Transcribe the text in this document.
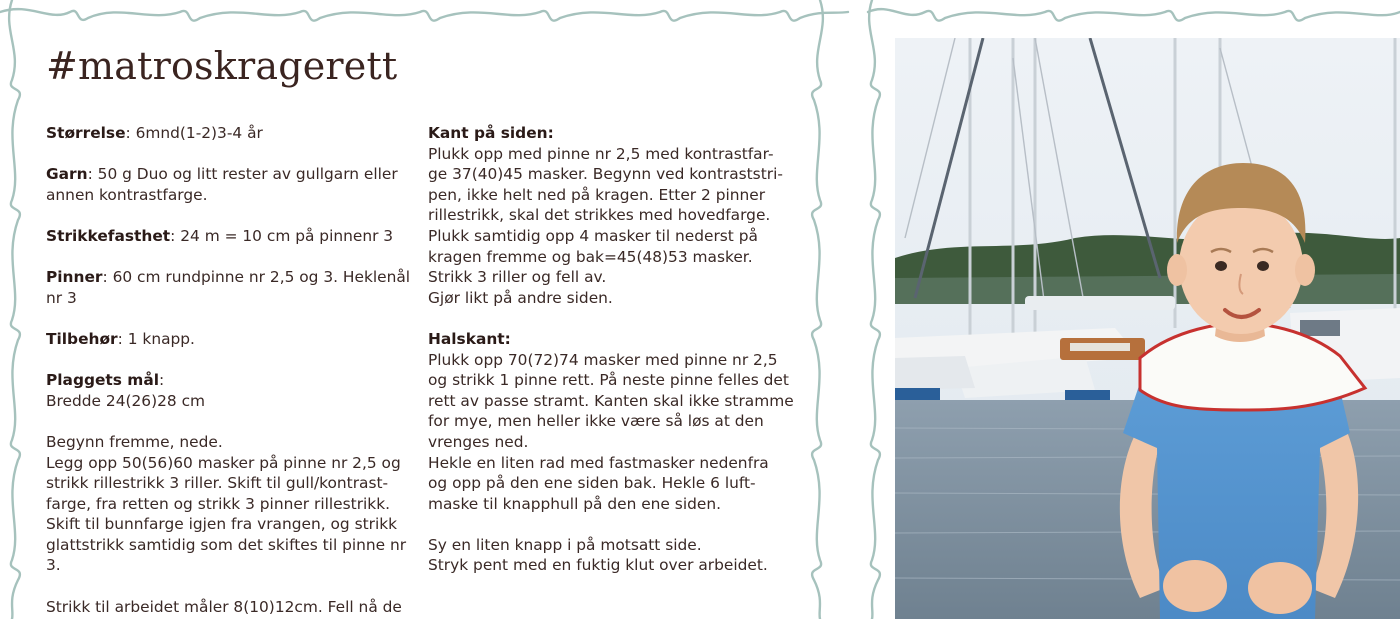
#matroskragerett
Størrelse: 6mnd(1-2)3-4 år
Garn: 50 g Duo og litt rester av gullgarn eller
annen kontrastfarge.
Strikkefasthet: 24 m = 10 cm på pinnenr 3
Pinner: 60 cm rundpinne nr 2,5 og 3. Heklenål
nr 3
Tilbehør: 1 knapp.
Plaggets mål:
Bredde 24(26)28 cm
Begynn fremme, nede.
Legg opp 50(56)60 masker på pinne nr 2,5 og
strikk rillestrikk 3 riller. Skift til gull/kontrast-
farge, fra retten og strikk 3 pinner rillestrikk.
Skift til bunnfarge igjen fra vrangen, og strikk
glattstrikk samtidig som det skiftes til pinne nr
3.
Strikk til arbeidet måler 8(10)12cm. Fell nå de
Kant på siden:
Plukk opp med pinne nr 2,5 med kontrastfar-
ge 37(40)45 masker. Begynn ved kontraststri-
pen, ikke helt ned på kragen. Etter 2 pinner
rillestrikk, skal det strikkes med hovedfarge.
Plukk samtidig opp 4 masker til nederst på
kragen fremme og bak=45(48)53 masker.
Strikk 3 riller og fell av.
Gjør likt på andre siden.
Halskant:
Plukk opp 70(72)74 masker med pinne nr 2,5
og strikk 1 pinne rett. På neste pinne felles det
rett av passe stramt. Kanten skal ikke stramme
for mye, men heller ikke være så løs at den
vrenges ned.
Hekle en liten rad med fastmasker nedenfra
og opp på den ene siden bak. Hekle 6 luft-
maske til knapphull på den ene siden.
Sy en liten knapp i på motsatt side.
Stryk pent med en fuktig klut over arbeidet.
